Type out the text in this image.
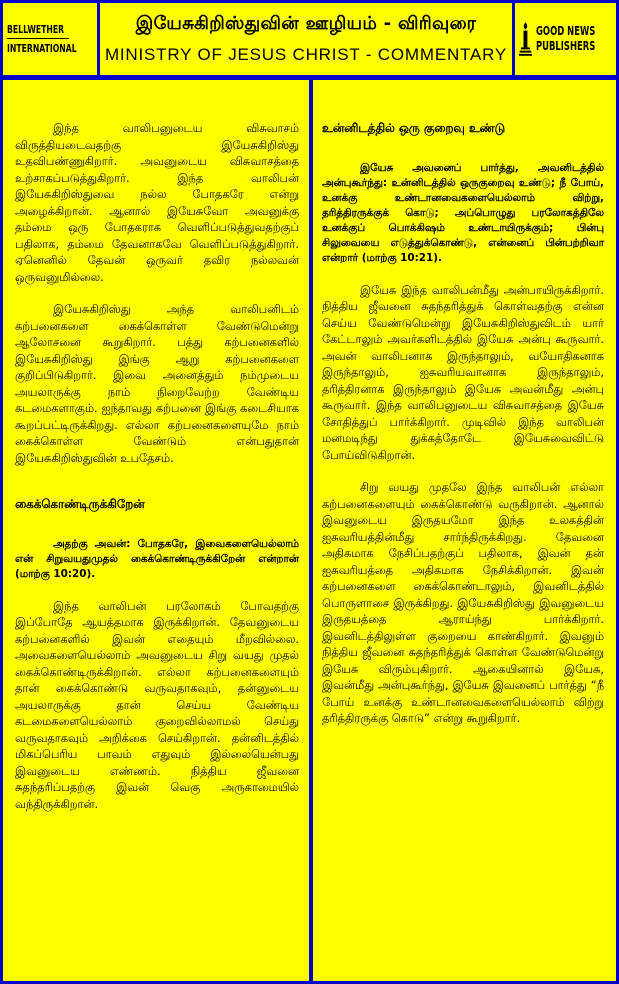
BELLWETHER
INTERNATIONAL
இயேசுகிறிஸ்துவின் ஊழியம் - விரிவுரை
MINISTRY OF JESUS CHRIST - COMMENTARY
GOOD NEWS
PUBLISHERS

இந்த வாலிபனுடைய விசுவாசம் விருத்தியடைவதற்கு இயேசுகிறிஸ்து உதவிபண்ணுகிறார். அவனுடைய விசுவாசத்தை உற்சாகப்படுத்துகிறார். இந்த வாலிபன் இயேசுகிறிஸ்துவை நல்ல போதகரே என்று அழைக்கிறான். ஆனால் இயேசுவோ அவனுக்கு தம்மை ஒரு போதகராக வெளிப்படுத்துவதற்குப் பதிலாக, தம்மை தேவனாகவே வெளிப்படுத்துகிறார். ஏனெனில் தேவன் ஒருவர் தவிர நல்லவன் ஒருவனுமில்லை.

இயேசுகிறிஸ்து அந்த வாலிபனிடம் கற்பனைகளை கைக்கொள்ள வேண்டுமென்று ஆலோசனை கூறுகிறார். பத்து கற்பனைகளில் இயேசுகிறிஸ்து இங்கு ஆறு கற்பனைகளை குறிப்பிடுகிறார். இவை அனைத்தும் நம்முடைய அயலாருக்கு நாம் நிறைவேற்ற வேண்டிய கடமைகளாகும். ஐந்தாவது கற்பனை இங்கு கடைசியாக கூறப்பட்டிருக்கிறது. எல்லா கற்பனைகளையுமே நாம் கைக்கொள்ள வேண்டும் என்பதுதான் இயேசுகிறிஸ்துவின் உபதேசம்.

கைக்கொண்டிருக்கிறேன்

அதற்கு அவன்: போதகரே, இவைகளையெல்லாம் என் சிறுவயதுமுதல் கைக்கொண்டிருக்கிறேன் என்றான் (மாற்கு 10:20).

இந்த வாலிபன் பரலோகம் போவதற்கு இப்போதே ஆயத்தமாக இருக்கிறான். தேவனுடைய கற்பனைகளில் இவன் எதையும் மீறவில்லை. அவைகளையெல்லாம் அவனுடைய சிறு வயது முதல் கைக்கொண்டிருக்கிறான். எல்லா கற்பனைகளையும் தான் கைக்கொண்டு வருவதாகவும், தன்னுடைய அயலாருக்கு தான் செய்ய வேண்டிய கடமைகளையெல்லாம் குறைவில்லாமல் செய்து வருவதாகவும் அறிக்கை செய்கிறான். தன்னிடத்தில் மிகப்பெரிய பாவம் எதுவும் இல்லையென்பது இவனுடைய எண்ணம். நித்திய ஜீவனை சுதந்தரிப்பதற்கு இவன் வெகு அருகாமையில் வந்திருக்கிறான்.

உன்னிடத்தில் ஒரு குறைவு உண்டு

இயேசு அவனைப் பார்த்து, அவனிடத்தில் அன்புகூர்ந்து: உன்னிடத்தில் ஒருகுறைவு உண்டு; நீ போய், உனக்கு உண்டானவைகளையெல்லாம் விற்று, தரித்திரருக்குக் கொடு; அப்பொழுது பரலோகத்திலே உனக்குப் பொக்கிஷம் உண்டாயிருக்கும்; பின்பு சிலுவையை எடுத்துக்கொண்டு, என்னைப் பின்பற்றிவா என்றார் (மாற்கு 10:21).

இயேசு இந்த வாலிபன்மீது அன்பாயிருக்கிறார். நித்திய ஜீவனை சுதந்தரித்துக் கொள்வதற்கு என்ன செய்ய வேண்டுமென்று இயேசுகிறிஸ்துவிடம் யார் கேட்டாலும் அவர்களிடத்தில் இயேசு அன்பு கூருவார். அவன் வாலிபனாக இருந்தாலும், வயோதிகனாக இருந்தாலும், ஐசுவரியவானாக இருந்தாலும், தரித்திரனாக இருந்தாலும் இயேசு அவன்மீது அன்பு கூருவார். இந்த வாலிபனுடைய விசுவாசத்தை இயேசு சோதித்துப் பார்க்கிறார். முடிவில் இந்த வாலிபன் மனமடிந்து துக்கத்தோடே இயேசுவைவிட்டு போய்விடுகிறான்.

சிறு வயது முதலே இந்த வாலிபன் எல்லா கற்பனைகளையும் கைக்கொண்டு வருகிறான். ஆனால் இவனுடைய இருதயமோ இந்த உலகத்தின் ஐசுவரியத்தின்மீது சார்ந்திருக்கிறது. தேவனை அதிகமாக நேசிப்பதற்குப் பதிலாக, இவன் தன் ஐசுவரியத்தை அதிகமாக நேசிக்கிறான். இவன் கற்பனைகளை கைக்கொண்டாலும், இவனிடத்தில் பொருளாசை இருக்கிறது. இயேசுகிறிஸ்து இவனுடைய இருதயத்தை ஆராய்ந்து பார்க்கிறார். இவனிடத்திலுள்ள குறையை காண்கிறார். இவனும் நித்திய ஜீவனை சுதந்தரித்துக் கொள்ள வேண்டுமென்று இயேசு விரும்புகிறார். ஆகையினால் இயேசு, இவன்மீது அன்புகூர்ந்து, இயேசு இவனைப் பார்த்து “நீ போய் உனக்கு உண்டானவைகளையெல்லாம் விற்று தரித்திரருக்கு கொடு” என்று கூறுகிறார்.
